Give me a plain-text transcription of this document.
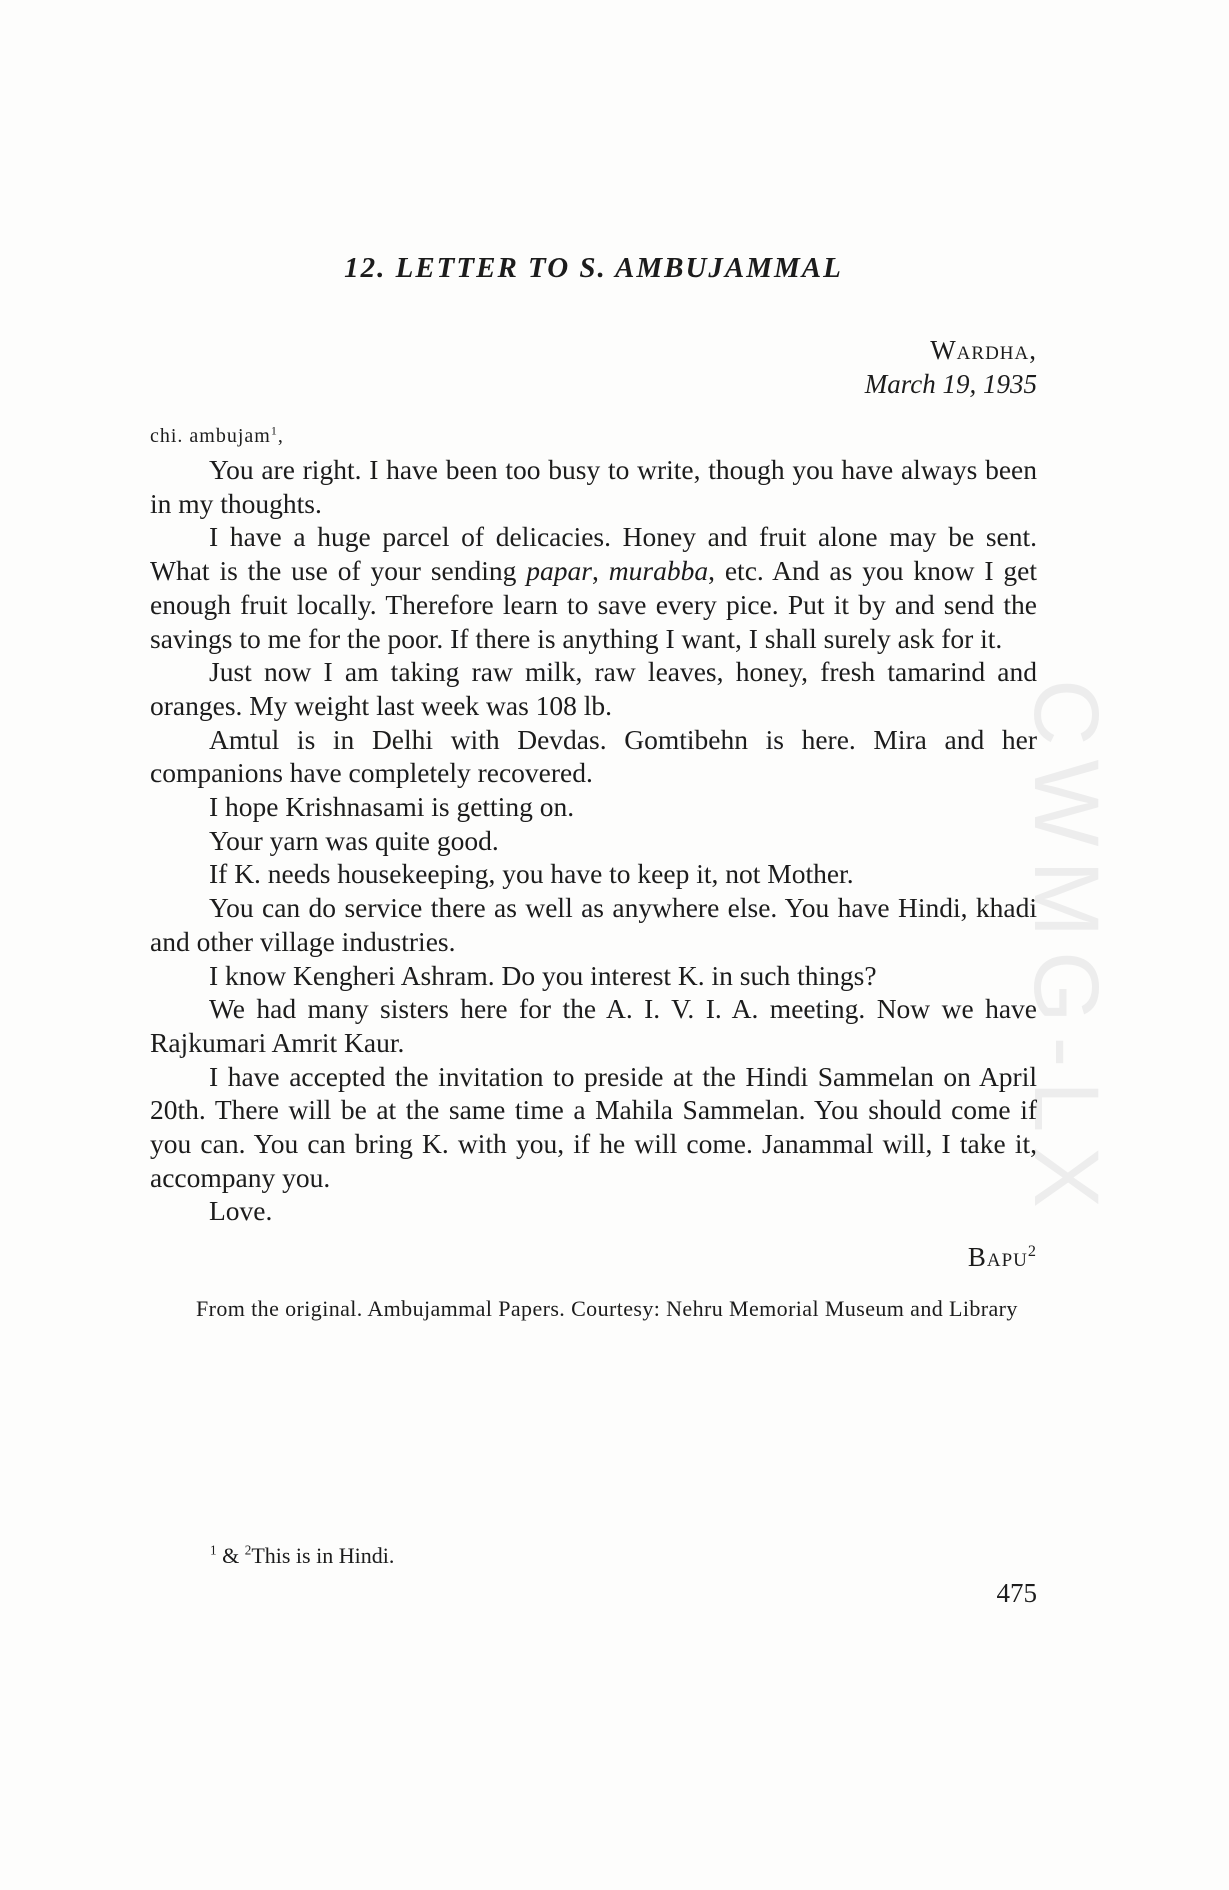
CWMG-LX
12. LETTER TO S. AMBUJAMMAL
Wardha,
March 19, 1935
chi. ambujam$^1$,

You are right. I have been too busy to write, though you have always been in my thoughts.

I have a huge parcel of delicacies. Honey and fruit alone may be sent. What is the use of your sending papar, murabba, etc. And as you know I get enough fruit locally. Therefore learn to save every pice. Put it by and send the savings to me for the poor. If there is anything I want, I shall surely ask for it.

Just now I am taking raw milk, raw leaves, honey, fresh tamarind and oranges. My weight last week was 108 lb.

Amtul is in Delhi with Devdas. Gomtibehn is here. Mira and her companions have completely recovered.

I hope Krishnasami is getting on.

Your yarn was quite good.

If K. needs housekeeping, you have to keep it, not Mother.

You can do service there as well as anywhere else. You have Hindi, khadi and other village industries.

I know Kengheri Ashram. Do you interest K. in such things?

We had many sisters here for the A. I. V. I. A. meeting. Now we have Rajkumari Amrit Kaur.

I have accepted the invitation to preside at the Hindi Sammelan on April 20th. There will be at the same time a Mahila Sammelan. You should come if you can. You can bring K. with you, if he will come. Janammal will, I take it, accompany you.

Love.

Bapu$^2$
From the original. Ambujammal Papers. Courtesy: Nehru Memorial Museum and Library
$^1$ & $^2$This is in Hindi.
475
